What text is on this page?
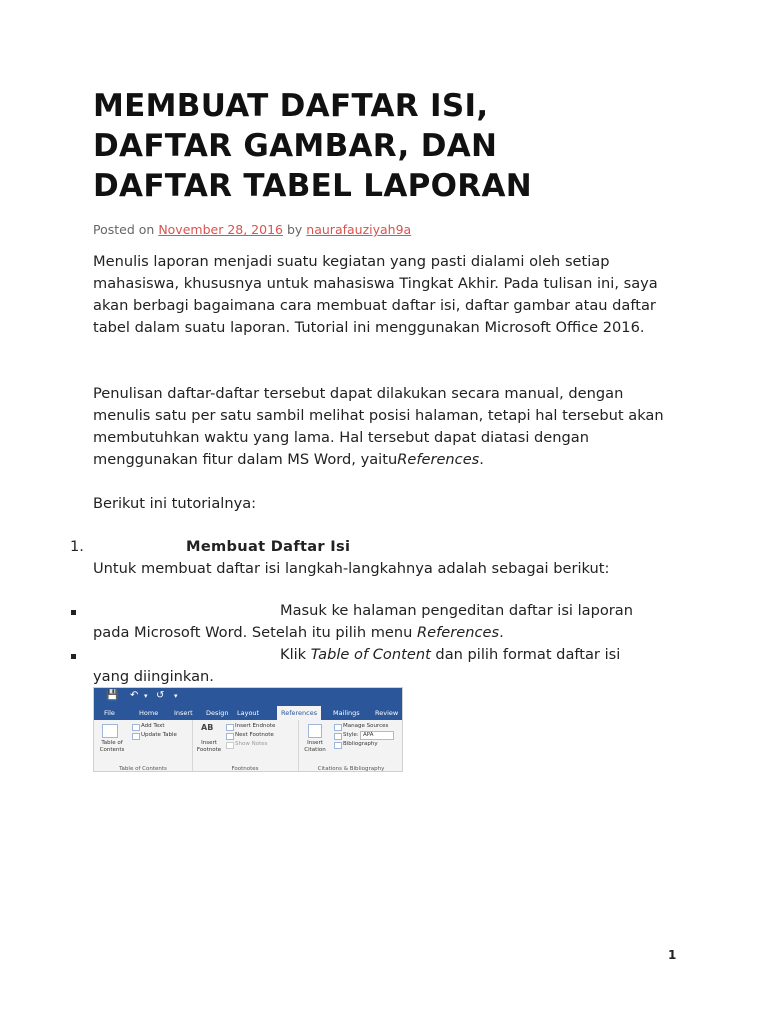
MEMBUAT DAFTAR ISI,
DAFTAR GAMBAR, DAN
DAFTAR TABEL LAPORAN
Posted on November 28, 2016 by naurafauziyah9a

Menulis laporan menjadi suatu kegiatan yang pasti dialami oleh setiap mahasiswa, khususnya untuk mahasiswa Tingkat Akhir. Pada tulisan ini, saya akan berbagi bagaimana cara membuat daftar isi, daftar gambar atau daftar tabel dalam suatu laporan. Tutorial ini menggunakan Microsoft Office 2016.

Penulisan daftar-daftar tersebut dapat dilakukan secara manual, dengan menulis satu per satu sambil melihat posisi halaman, tetapi hal tersebut akan membutuhkan waktu yang lama. Hal tersebut dapat diatasi dengan menggunakan fitur dalam MS Word, yaituReferences.

Berikut ini tutorialnya:

1.	Membuat Daftar Isi
Untuk membuat daftar isi langkah-langkahnya adalah sebagai berikut:
Masuk ke halaman pengeditan daftar isi laporan
pada Microsoft Word. Setelah itu pilih menu References.
Klik Table of Content dan pilih format daftar isi
yang diinginkan.
💾 ↶ ▾ ↺ ▾
File	Home Insert Design Layout	References	Mailings Review
Table of Contents
Add Text
Update Table
Table of Contents
AB
Insert Footnote
Insert Endnote
Next Footnote
Show Notes
Footnotes
Insert Citation
Manage Sources
Style: APA
Bibliography
Citations & Bibliography
1
